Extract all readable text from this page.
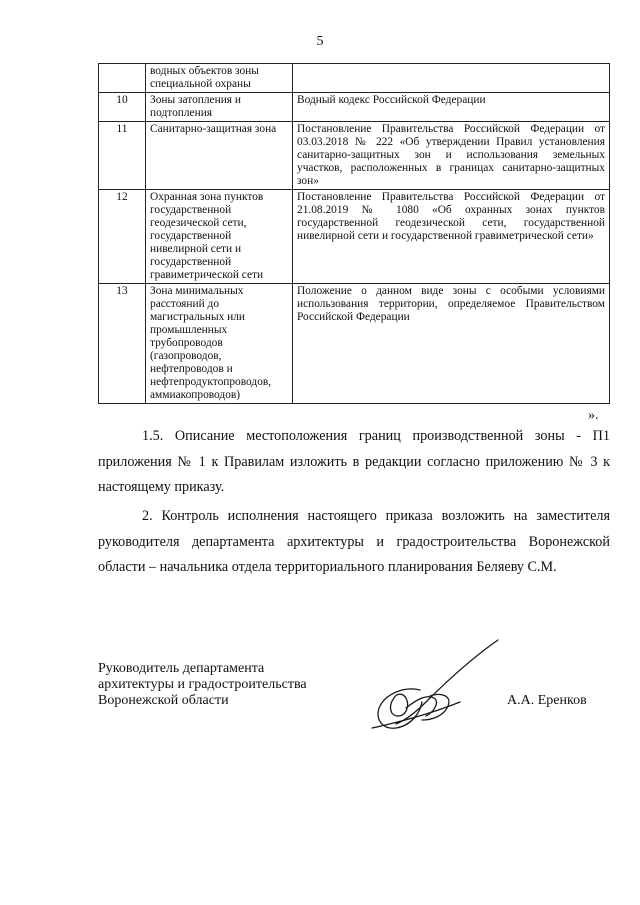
5
	водных объектов зоны специальной охраны	
10	Зоны затопления и подтопления	Водный кодекс Российской Федерации
11	Санитарно-защитная зона	Постановление Правительства Российской Федерации от 03.03.2018 № 222 «Об утверждении Правил установления санитарно-защитных зон и использования земельных участков, расположенных в границах санитарно-защитных зон»
12	Охранная зона пунктов государственной геодезической сети, государственной нивелирной сети и государственной гравиметрической сети	Постановление Правительства Российской Федерации от 21.08.2019 № 1080 «Об охранных зонах пунктов государственной геодезической сети, государственной нивелирной сети и государственной гравиметрической сети»
13	Зона минимальных расстояний до магистральных или промышленных трубопроводов (газопроводов, нефтепроводов и нефтепродуктопроводов, аммиакопроводов)	Положение о данном виде зоны с особыми условиями использования территории, определяемое Правительством Российской Федерации
».
1.5. Описание местоположения границ производственной зоны - П1 приложения № 1 к Правилам изложить в редакции согласно приложению № 3 к настоящему приказу.
2. Контроль исполнения настоящего приказа возложить на заместителя руководителя департамента архитектуры и градостроительства Воронежской области – начальника отдела территориального планирования Беляеву С.М.
Руководитель департамента
архитектуры и градостроительства
Воронежской области	А.А. Еренков
